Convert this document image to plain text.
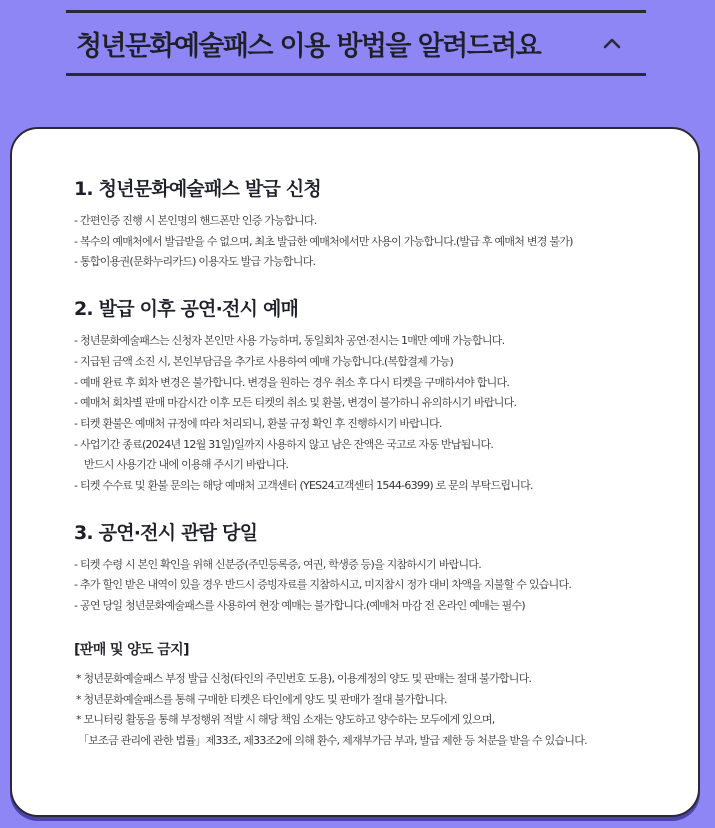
청년문화예술패스 이용 방법을 알려드려요
1. 청년문화예술패스 발급 신청
- 간편인증 진행 시 본인명의 핸드폰만 인증 가능합니다.
- 복수의 예매처에서 발급받을 수 없으며, 최초 발급한 예매처에서만 사용이 가능합니다.(발급 후 예매처 변경 불가)
- 통합이용권(문화누리카드) 이용자도 발급 가능합니다.
2. 발급 이후 공연·전시 예매
- 청년문화예술패스는 신청자 본인만 사용 가능하며, 동일회차 공연·전시는 1매만 예매 가능합니다.
- 지급된 금액 소진 시, 본인부담금을 추가로 사용하여 예매 가능합니다.(복합결제 가능)
- 예매 완료 후 회차 변경은 불가합니다. 변경을 원하는 경우 취소 후 다시 티켓을 구매하셔야 합니다.
- 예매처 회차별 판매 마감시간 이후 모든 티켓의 취소 및 환불, 변경이 불가하니 유의하시기 바랍니다.
- 티켓 환불은 예매처 규정에 따라 처리되니, 환불 규정 확인 후 진행하시기 바랍니다.
- 사업기간 종료(2024년 12월 31일)일까지 사용하지 않고 남은 잔액은 국고로 자동 반납됩니다.
반드시 사용기간 내에 이용해 주시기 바랍니다.
- 티켓 수수료 및 환불 문의는 해당 예매처 고객센터 (YES24고객센터 1544-6399) 로 문의 부탁드립니다.
3. 공연·전시 관람 당일
- 티켓 수령 시 본인 확인을 위해 신분증(주민등록증, 여권, 학생증 등)을 지참하시기 바랍니다.
- 추가 할인 받은 내역이 있을 경우 반드시 증빙자료를 지참하시고, 미지참시 정가 대비 차액을 지불할 수 있습니다.
- 공연 당일 청년문화예술패스를 사용하여 현장 예매는 불가합니다.(예매처 마감 전 온라인 예매는 필수)
[판매 및 양도 금지]
* 청년문화예술패스 부정 발급 신청(타인의 주민번호 도용), 이용계정의 양도 및 판매는 절대 불가합니다.
* 청년문화예술패스를 통해 구매한 티켓은 타인에게 양도 및 판매가 절대 불가합니다.
* 모니터링 활동을 통해 부정행위 적발 시 해당 책임 소재는 양도하고 양수하는 모두에게 있으며,
「보조금 관리에 관한 법률」제33조, 제33조2에 의해 환수, 제재부가금 부과, 발급 제한 등 처분을 받을 수 있습니다.
